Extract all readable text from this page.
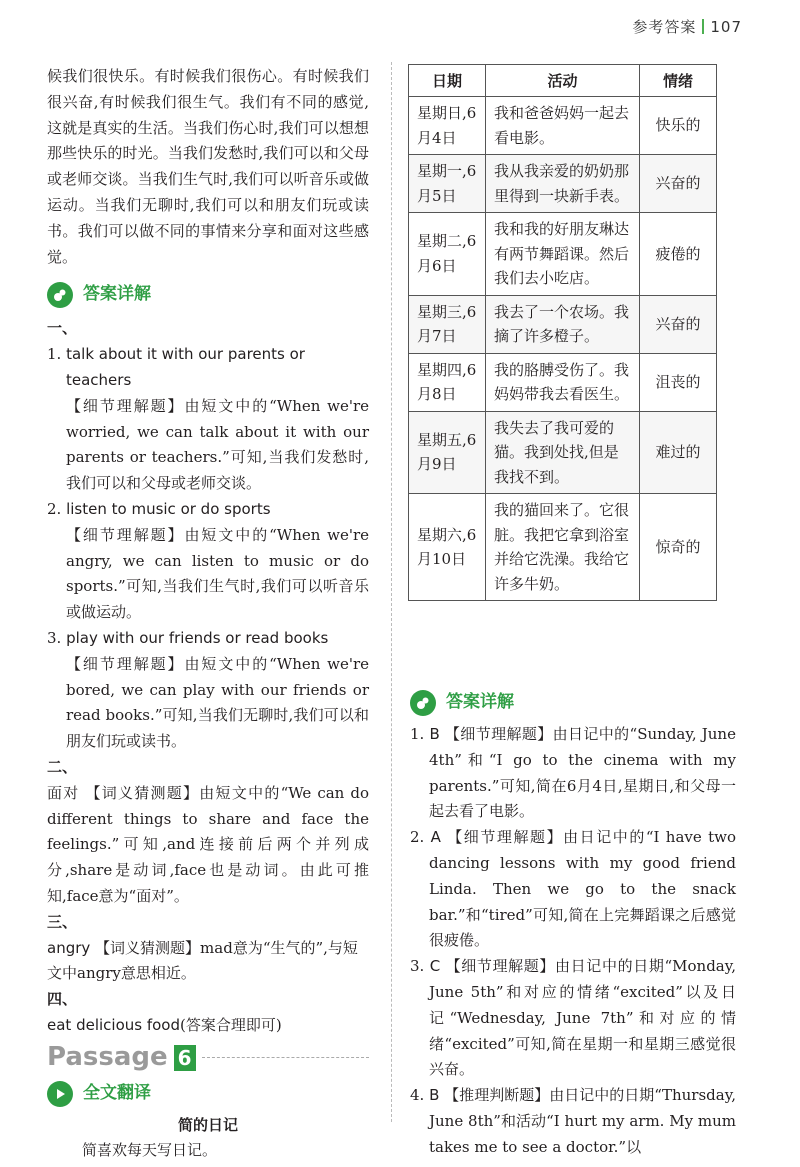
参考答案 107

候我们很快乐。有时候我们很伤心。有时候我们很兴奋,有时候我们很生气。我们有不同的感觉,这就是真实的生活。当我们伤心时,我们可以想想那些快乐的时光。当我们发愁时,我们可以和父母或老师交谈。当我们生气时,我们可以听音乐或做运动。当我们无聊时,我们可以和朋友们玩或读书。我们可以做不同的事情来分享和面对这些感觉。

答案详解

一、

1. talk about it with our parents or teachers
【细节理解题】由短文中的“When we're worried, we can talk about it with our parents or teachers.”可知,当我们发愁时,我们可以和父母或老师交谈。
2. listen to music or do sports
【细节理解题】由短文中的“When we're angry, we can listen to music or do sports.”可知,当我们生气时,我们可以听音乐或做运动。
3. play with our friends or read books
【细节理解题】由短文中的“When we're bored, we can play with our friends or read books.”可知,当我们无聊时,我们可以和朋友们玩或读书。

二、

面对 【词义猜测题】由短文中的“We can do different things to share and face the feelings.”可知,and连接前后两个并列成分,share是动词,face也是动词。由此可推知,face意为“面对”。

三、

angry 【词义猜测题】mad意为“生气的”,与短文中angry意思相近。

四、

eat delicious food(答案合理即可)

Passage 6
全文翻译

简的日记

简喜欢每天写日记。

日期	活动	情绪
星期日,6月4日	我和爸爸妈妈一起去看电影。	快乐的
星期一,6月5日	我从我亲爱的奶奶那里得到一块新手表。	兴奋的
星期二,6月6日	我和我的好朋友琳达有两节舞蹈课。然后我们去小吃店。	疲倦的
星期三,6月7日	我去了一个农场。我摘了许多橙子。	兴奋的
星期四,6月8日	我的胳膊受伤了。我妈妈带我去看医生。	沮丧的
星期五,6月9日	我失去了我可爱的猫。我到处找,但是我找不到。	难过的
星期六,6月10日	我的猫回来了。它很脏。我把它拿到浴室并给它洗澡。我给它许多牛奶。	惊奇的
答案详解
1. B 【细节理解题】由日记中的“Sunday, June 4th”和“I go to the cinema with my parents.”可知,简在6月4日,星期日,和父母一起去看了电影。
2. A 【细节理解题】由日记中的“I have two dancing lessons with my good friend Linda. Then we go to the snack bar.”和“tired”可知,简在上完舞蹈课之后感觉很疲倦。
3. C 【细节理解题】由日记中的日期“Monday, June 5th”和对应的情绪“excited”以及日记“Wednesday, June 7th”和对应的情绪“excited”可知,简在星期一和星期三感觉很兴奋。
4. B 【推理判断题】由日记中的日期“Thursday, June 8th”和活动“I hurt my arm. My mum takes me to see a doctor.”以
